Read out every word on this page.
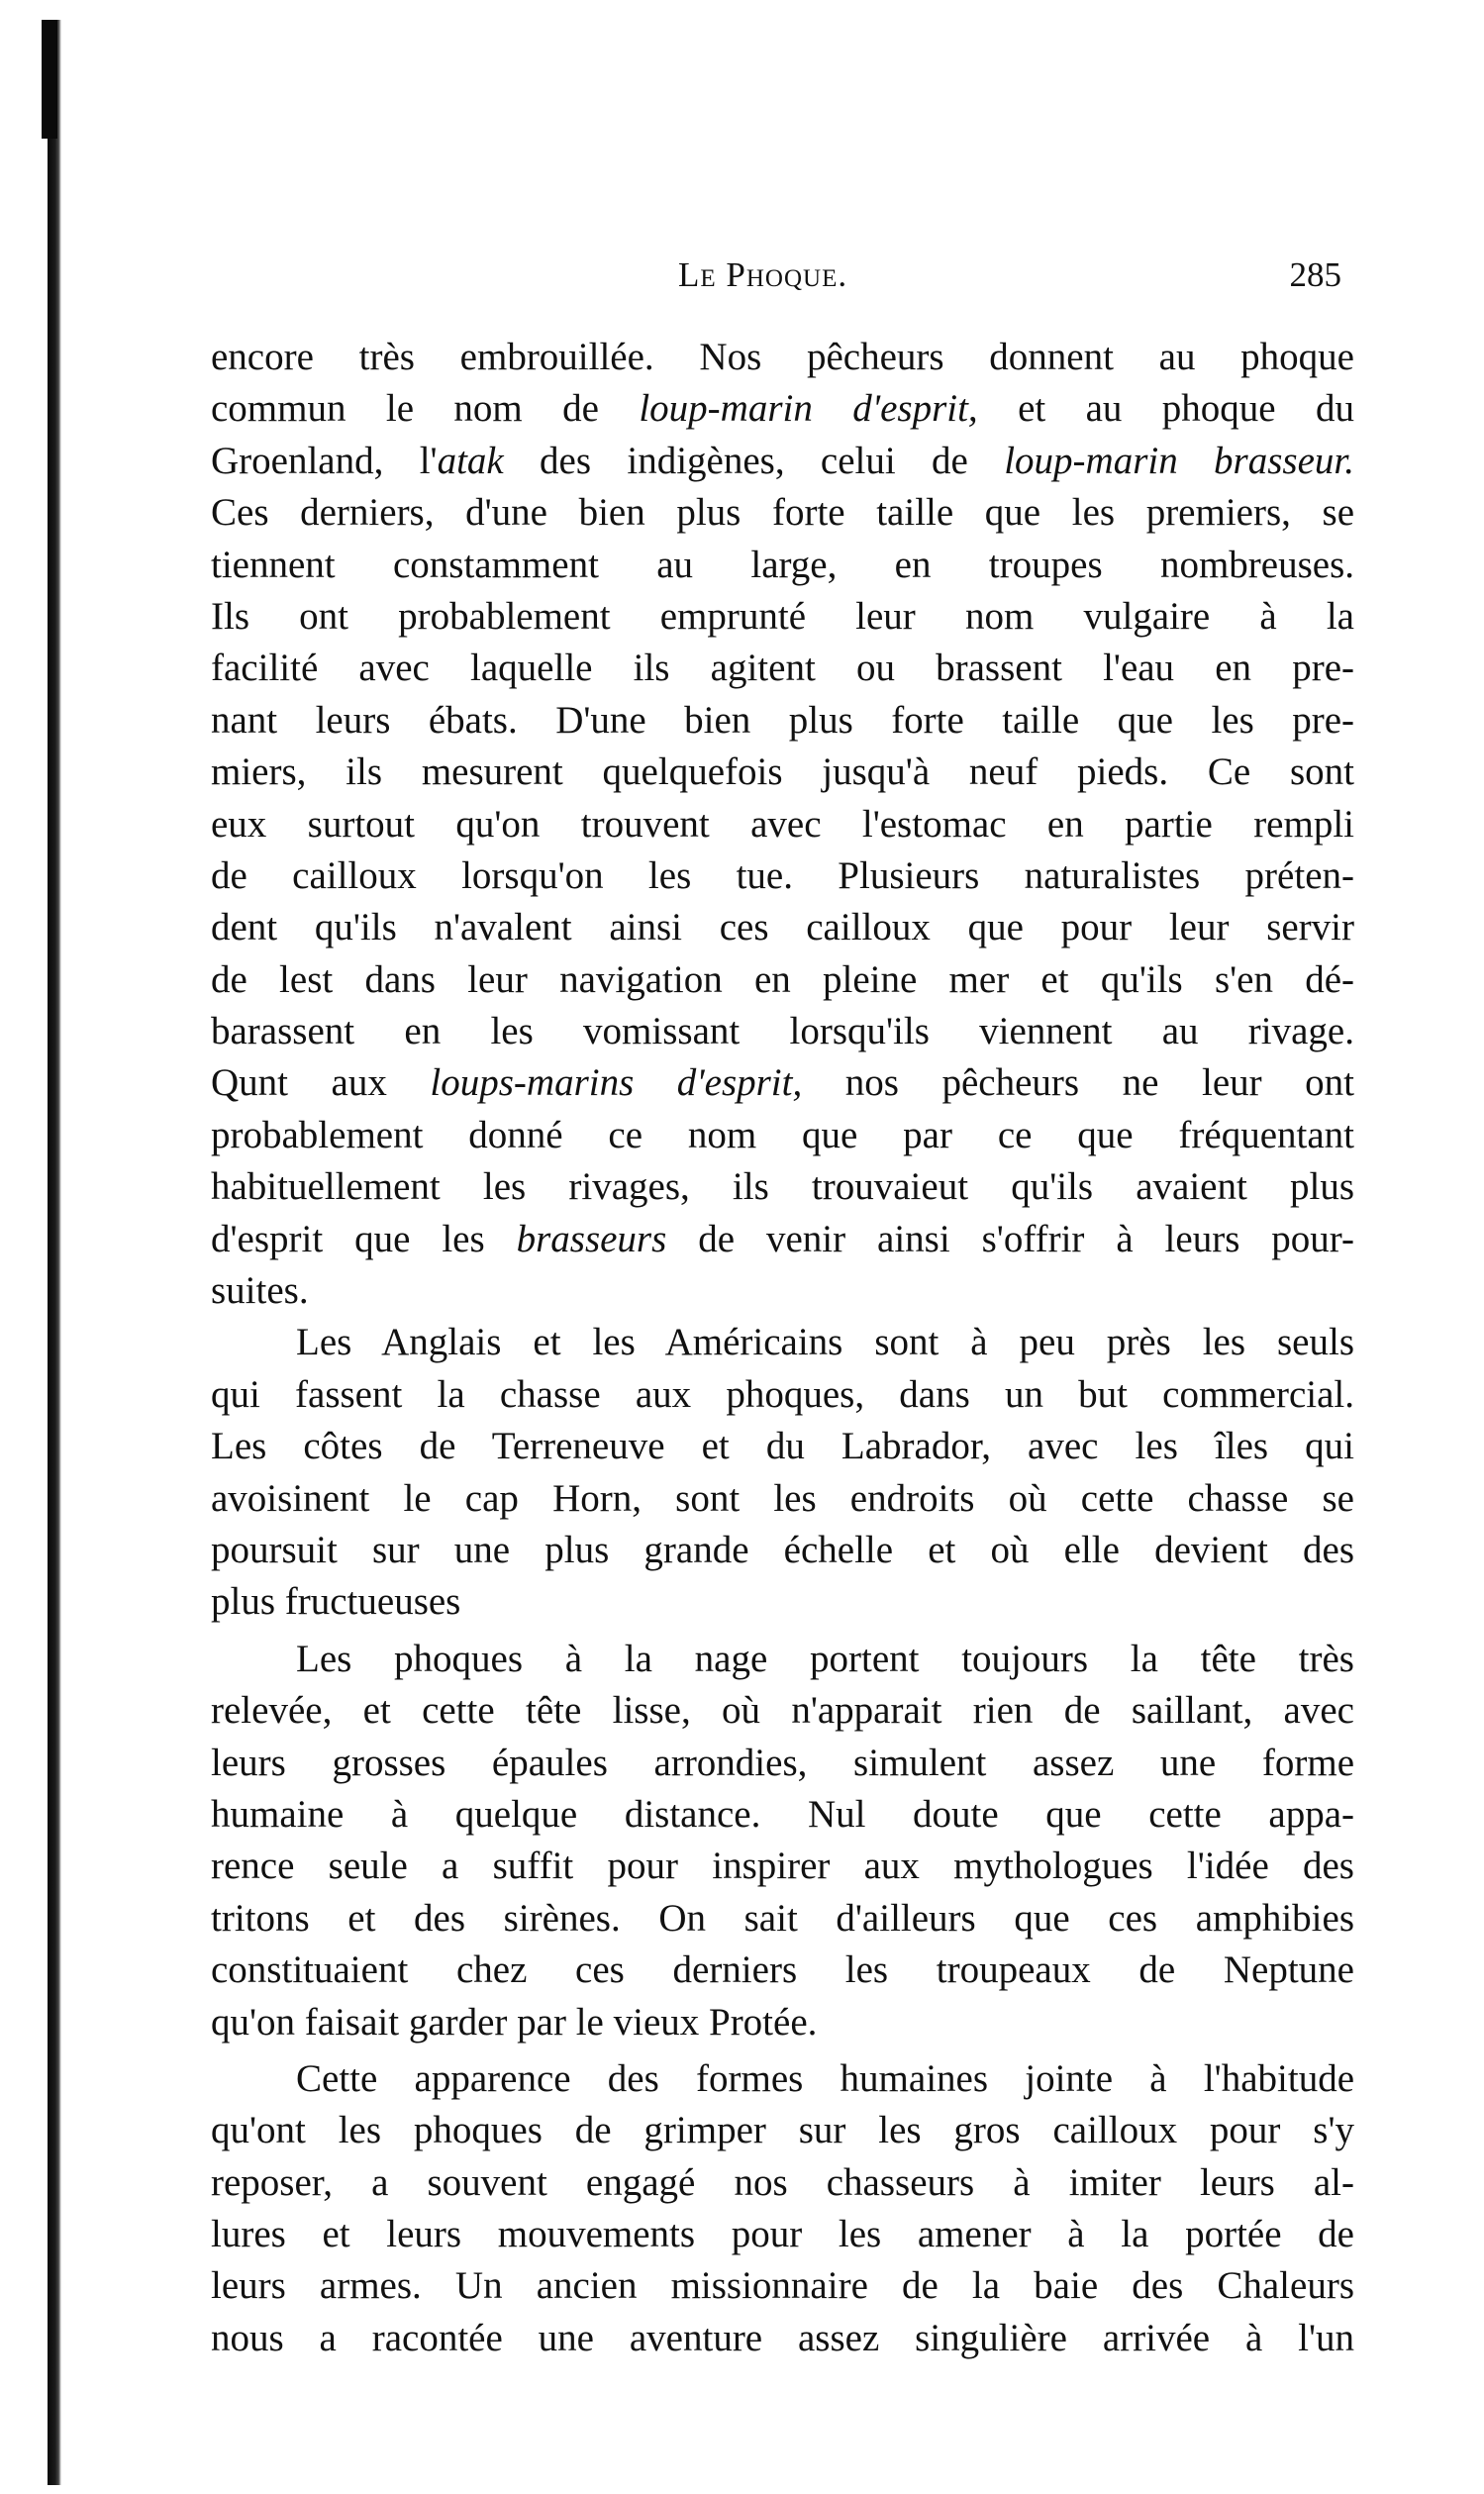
Le Phoque.	285
encore très embrouillée. Nos pêcheurs donnent au phoque
commun le nom de loup-marin d'esprit, et au phoque du
Groenland, l'atak des indigènes, celui de loup-marin brasseur.
Ces derniers, d'une bien plus forte taille que les premiers, se
tiennent constamment au large, en troupes nombreuses.
Ils ont probablement emprunté leur nom vulgaire à la
facilité avec laquelle ils agitent ou brassent l'eau en pre-
nant leurs ébats. D'une bien plus forte taille que les pre-
miers, ils mesurent quelquefois jusqu'à neuf pieds. Ce sont
eux surtout qu'on trouvent avec l'estomac en partie rempli
de cailloux lorsqu'on les tue. Plusieurs naturalistes préten-
dent qu'ils n'avalent ainsi ces cailloux que pour leur servir
de lest dans leur navigation en pleine mer et qu'ils s'en dé-
barassent en les vomissant lorsqu'ils viennent au rivage.
Qunt aux loups-marins d'esprit, nos pêcheurs ne leur ont
probablement donné ce nom que par ce que fréquentant
habituellement les rivages, ils trouvaieut qu'ils avaient plus
d'esprit que les brasseurs de venir ainsi s'offrir à leurs pour-
suites.
Les Anglais et les Américains sont à peu près les seuls
qui fassent la chasse aux phoques, dans un but commercial.
Les côtes de Terreneuve et du Labrador, avec les îles qui
avoisinent le cap Horn, sont les endroits où cette chasse se
poursuit sur une plus grande échelle et où elle devient des
plus fructueuses
Les phoques à la nage portent toujours la tête très
relevée, et cette tête lisse, où n'apparait rien de saillant, avec
leurs grosses épaules arrondies, simulent assez une forme
humaine à quelque distance. Nul doute que cette appa-
rence seule a suffit pour inspirer aux mythologues l'idée des
tritons et des sirènes. On sait d'ailleurs que ces amphibies
constituaient chez ces derniers les troupeaux de Neptune
qu'on faisait garder par le vieux Protée.
Cette apparence des formes humaines jointe à l'habitude
qu'ont les phoques de grimper sur les gros cailloux pour s'y
reposer, a souvent engagé nos chasseurs à imiter leurs al-
lures et leurs mouvements pour les amener à la portée de
leurs armes. Un ancien missionnaire de la baie des Chaleurs
nous a racontée une aventure assez singulière arrivée à l'un
